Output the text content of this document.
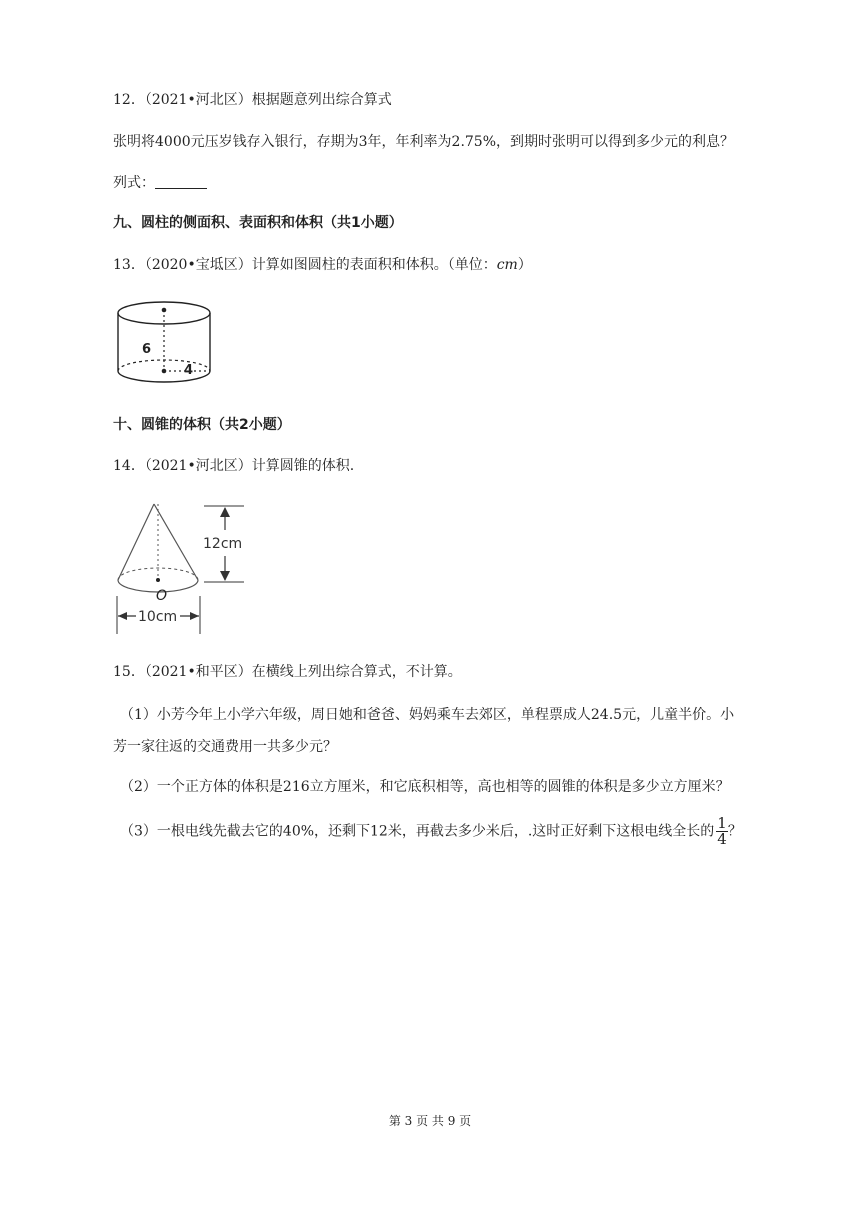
12．（2021•河北区）根据题意列出综合算式
张明将4000元压岁钱存入银行，存期为3年，年利率为2.75%，到期时张明可以得到多少元的利息？
列式：
九、圆柱的侧面积、表面积和体积（共1小题）
13．（2020•宝坻区）计算如图圆柱的表面积和体积。（单位：cm）
6
4
十、圆锥的体积（共2小题）
14．（2021•河北区）计算圆锥的体积.
O
12cm
10cm
15．（2021•和平区）在横线上列出综合算式，不计算。
（1）小芳今年上小学六年级，周日她和爸爸、妈妈乘车去郊区，单程票成人24.5元，儿童半价。小
芳一家往返的交通费用一共多少元？
（2）一个正方体的体积是216立方厘米，和它底积相等，高也相等的圆锥的体积是多少立方厘米？
（3）一根电线先截去它的40%，还剩下12米，再截去多少米后，.这时正好剩下这根电线全长的 $\frac{1}{4}$ ？
第 3 页 共 9 页
